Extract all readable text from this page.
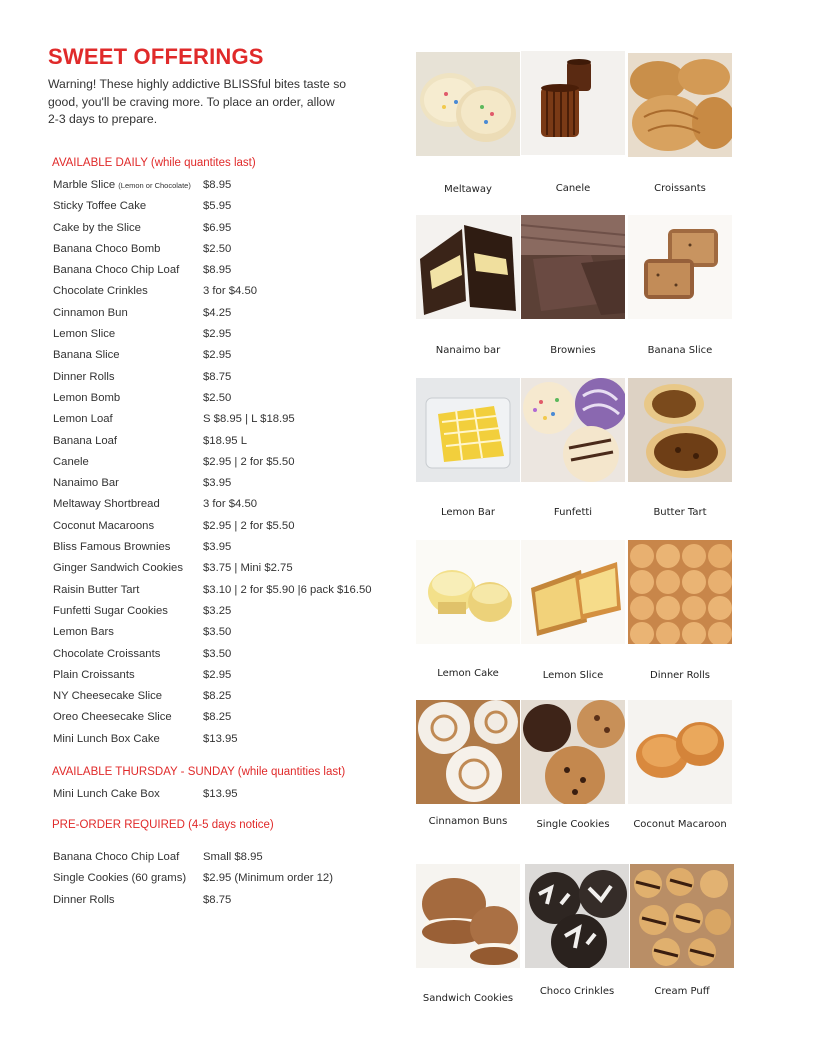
SWEET OFFERINGS
Warning! These highly addictive BLISSful bites taste so good, you'll be craving more. To place an order, allow 2-3 days to prepare.
AVAILABLE DAILY (while quantites last)
Marble Slice (Lemon or Chocolate) $8.95
Sticky Toffee Cake	$5.95
Cake by the Slice	$6.95
Banana Choco Bomb	$2.50
Banana Choco Chip Loaf $8.95
Chocolate Crinkles	3 for $4.50
Cinnamon Bun	$4.25
Lemon Slice	$2.95
Banana Slice	$2.95
Dinner Rolls	$8.75
Lemon Bomb	$2.50
Lemon Loaf	S $8.95 | L $18.95
Banana Loaf	$18.95 L
Canele	$2.95 | 2 for $5.50
Nanaimo Bar	$3.95
Meltaway Shortbread	3 for $4.50
Coconut Macaroons	$2.95 | 2 for $5.50
Bliss Famous Brownies	$3.95
Ginger Sandwich Cookies $3.75 | Mini $2.75
Raisin Butter Tart	$3.10 | 2 for $5.90 |6 pack $16.50
Funfetti Sugar Cookies	$3.25
Lemon Bars	$3.50
Chocolate Croissants	$3.50
Plain Croissants	$2.95
NY Cheesecake Slice	$8.25
Oreo Cheesecake Slice	$8.25
Mini Lunch Box Cake	$13.95
AVAILABLE THURSDAY - SUNDAY (while quantities last)
Mini Lunch Cake Box	$13.95
PRE-ORDER REQUIRED (4-5 days notice)
Banana Choco Chip Loaf Small $8.95
Single Cookies (60 grams) $2.95 (Minimum order 12)
Dinner Rolls	$8.75
Meltaway	Canele	Croissants
Nanaimo bar	Brownies	Banana Slice
Lemon Bar	Funfetti	Butter Tart
Lemon Cake	Lemon Slice	Dinner Rolls
Cinnamon Buns	Single Cookies	Coconut Macaroon
Sandwich Cookies
Choco Crinkles	Cream Puff
